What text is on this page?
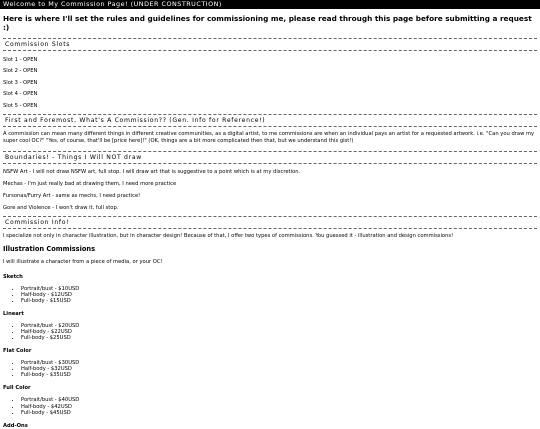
Welcome to My Commission Page! (UNDER CONSTRUCTION)
Here is where I'll set the rules and guidelines for commissioning me, please read through this page before submitting a request :)
Commission Slots
Slot 1 - OPEN
Slot 2 - OPEN
Slot 3 - OPEN
Slot 4 - OPEN
Slot 5 - OPEN
First and Foremost, What's A Commission?? (Gen. Info for Reference!)

A commission can mean many different things in different creative communities, as a digital artist, to me commissions are when an individual pays an artist for a requested artwork. i.e. "Can you draw my super cool OC?" "Yes, of course, that'll be [price here]!" (OK, things are a bit more complicated then that, but we understand this gist!)

Boundaries! - Things I Will NOT draw

NSFW Art - I will not draw NSFW art, full stop. I will draw art that is suggestive to a point which is at my discretion.

Mechas - I'm just really bad at drawing them, I need more practice

Fursonas/Furry Art - same as mechs, I need practice!

Gore and Violence - I won't draw it, full stop.

Commission Info!

I specialize not only in character illustration, but in character design! Because of that, I offer two types of commissions. You guessed it - illustration and design commissions!

Illustration Commissions

I will illustrate a character from a piece of media, or your OC!

Sketch
• Portrait/bust - $10USD
• Half-body - $12USD
• Full-body - $15USD
Lineart
• Portrait/bust - $20USD
• Half-body - $22USD
• Full-body - $25USD
Flat Color
• Portrait/bust - $30USD
• Half-body - $32USD
• Full-body - $35USD
Full Color
• Portrait/bust - $40USD
• Half-body - $42USD
• Full-body - $45USD
Add-Ons
